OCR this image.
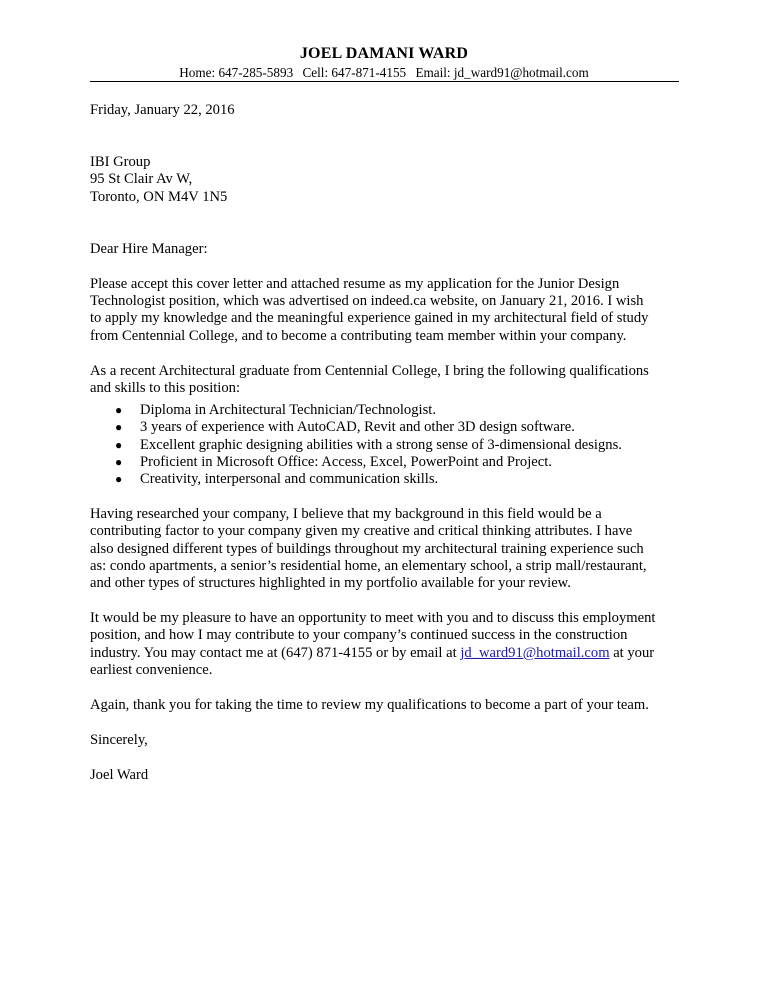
JOEL DAMANI WARD
Home: 647-285-5893 Cell: 647-871-4155 Email: jd_ward91@hotmail.com

Friday, January 22, 2016

IBI Group

95 St Clair Av W,

Toronto, ON M4V 1N5

Dear Hire Manager:

Please accept this cover letter and attached resume as my application for the Junior Design

Technologist position, which was advertised on indeed.ca website, on January 21, 2016. I wish

to apply my knowledge and the meaningful experience gained in my architectural field of study

from Centennial College, and to become a contributing team member within your company.

As a recent Architectural graduate from Centennial College, I bring the following qualifications

and skills to this position:

● Diploma in Architectural Technician/Technologist.
● 3 years of experience with AutoCAD, Revit and other 3D design software.
● Excellent graphic designing abilities with a strong sense of 3-dimensional designs.
● Proficient in Microsoft Office: Access, Excel, PowerPoint and Project.
● Creativity, interpersonal and communication skills.

Having researched your company, I believe that my background in this field would be a

contributing factor to your company given my creative and critical thinking attributes. I have

also designed different types of buildings throughout my architectural training experience such

as: condo apartments, a senior’s residential home, an elementary school, a strip mall/restaurant,

and other types of structures highlighted in my portfolio available for your review.

It would be my pleasure to have an opportunity to meet with you and to discuss this employment

position, and how I may contribute to your company’s continued success in the construction

industry. You may contact me at (647) 871-4155 or by email at jd_ward91@hotmail.com at your

earliest convenience.

Again, thank you for taking the time to review my qualifications to become a part of your team.

Sincerely,

Joel Ward
